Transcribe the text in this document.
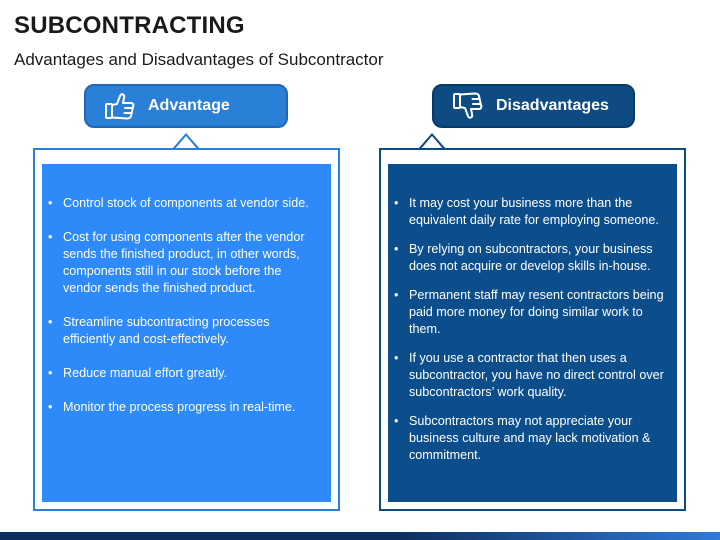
SUBCONTRACTING
Advantages and Disadvantages of Subcontractor
Advantage
• Control stock of components at vendor side.
• Cost for using components after the vendor sends the finished product, in other words, components still in our stock before the vendor sends the finished product.
• Streamline subcontracting processes efficiently and cost-effectively.
• Reduce manual effort greatly.
• Monitor the process progress in real-time.
Disadvantages
• It may cost your business more than the equivalent daily rate for employing someone.
• By relying on subcontractors, your business does not acquire or develop skills in-house.
• Permanent staff may resent contractors being paid more money for doing similar work to them.
• If you use a contractor that then uses a subcontractor, you have no direct control over subcontractors’ work quality.
• Subcontractors may not appreciate your business culture and may lack motivation & commitment.
